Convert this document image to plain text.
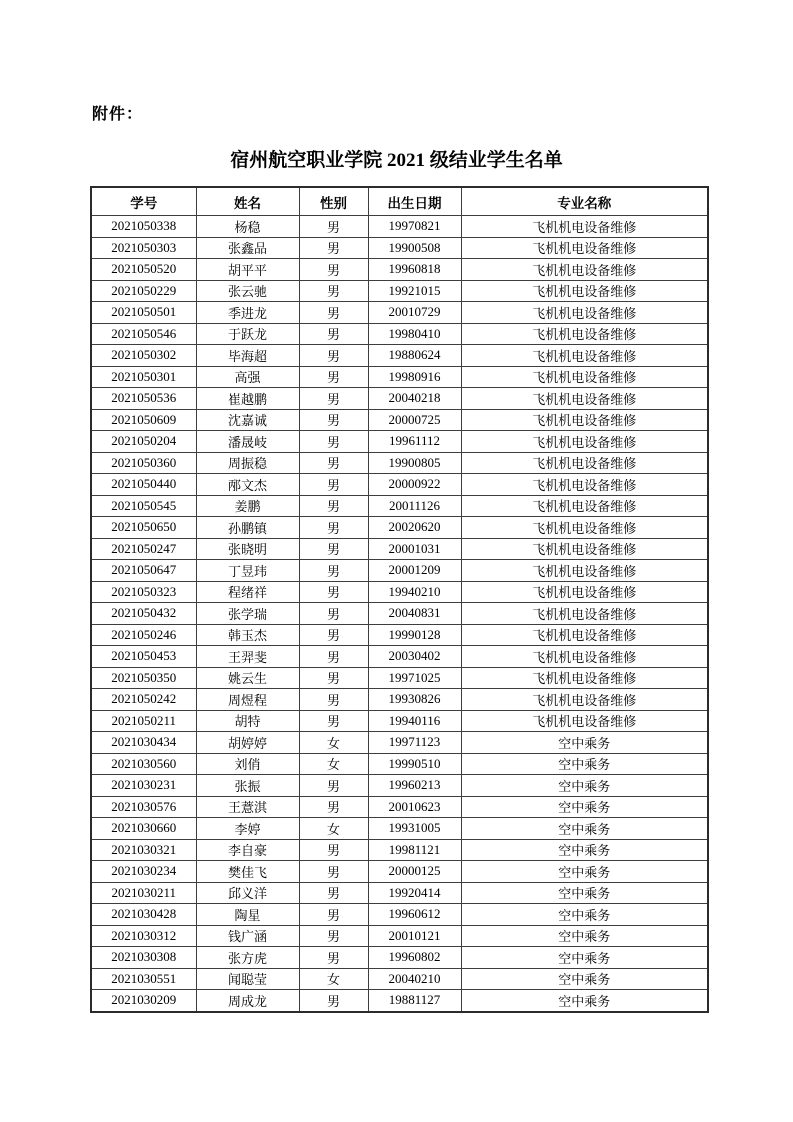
附件：
宿州航空职业学院 2021 级结业学生名单
学号	姓名	性别	出生日期	专业名称
2021050338	杨稳	男	19970821	飞机机电设备维修
2021050303	张鑫品	男	19900508	飞机机电设备维修
2021050520	胡平平	男	19960818	飞机机电设备维修
2021050229	张云驰	男	19921015	飞机机电设备维修
2021050501	季进龙	男	20010729	飞机机电设备维修
2021050546	于跃龙	男	19980410	飞机机电设备维修
2021050302	毕海超	男	19880624	飞机机电设备维修
2021050301	高强	男	19980916	飞机机电设备维修
2021050536	崔越鹏	男	20040218	飞机机电设备维修
2021050609	沈嘉诚	男	20000725	飞机机电设备维修
2021050204	潘晟岐	男	19961112	飞机机电设备维修
2021050360	周振稳	男	19900805	飞机机电设备维修
2021050440	邴文杰	男	20000922	飞机机电设备维修
2021050545	姜鹏	男	20011126	飞机机电设备维修
2021050650	孙鹏镇	男	20020620	飞机机电设备维修
2021050247	张晓明	男	20001031	飞机机电设备维修
2021050647	丁昱玮	男	20001209	飞机机电设备维修
2021050323	程绪祥	男	19940210	飞机机电设备维修
2021050432	张学瑞	男	20040831	飞机机电设备维修
2021050246	韩玉杰	男	19990128	飞机机电设备维修
2021050453	王羿斐	男	20030402	飞机机电设备维修
2021050350	姚云生	男	19971025	飞机机电设备维修
2021050242	周煜程	男	19930826	飞机机电设备维修
2021050211	胡特	男	19940116	飞机机电设备维修
2021030434	胡婷婷	女	19971123	空中乘务
2021030560	刘俏	女	19990510	空中乘务
2021030231	张振	男	19960213	空中乘务
2021030576	王薏淇	男	20010623	空中乘务
2021030660	李婷	女	19931005	空中乘务
2021030321	李自豪	男	19981121	空中乘务
2021030234	樊佳飞	男	20000125	空中乘务
2021030211	邱义洋	男	19920414	空中乘务
2021030428	陶星	男	19960612	空中乘务
2021030312	钱广涵	男	20010121	空中乘务
2021030308	张方虎	男	19960802	空中乘务
2021030551	闻聪莹	女	20040210	空中乘务
2021030209	周成龙	男	19881127	空中乘务
